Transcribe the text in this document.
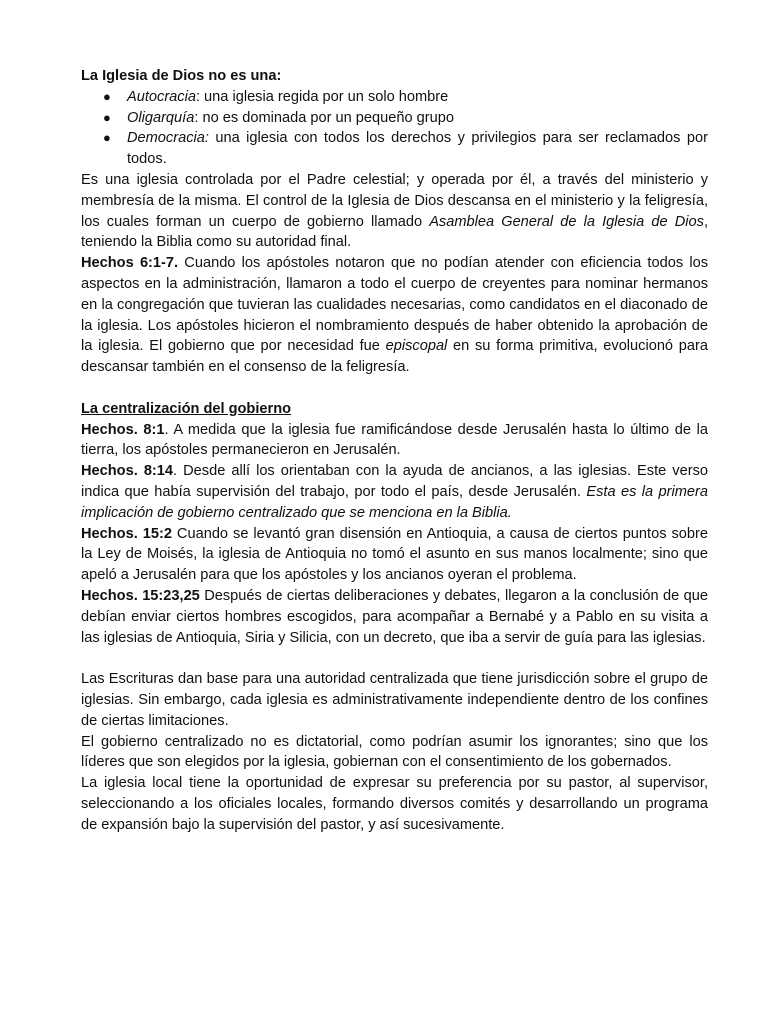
La Iglesia de Dios no es una:

● Autocracia: una iglesia regida por un solo hombre
● Oligarquía: no es dominada por un pequeño grupo
● Democracia: una iglesia con todos los derechos y privilegios para ser reclamados por todos.

Es una iglesia controlada por el Padre celestial; y operada por él, a través del ministerio y membresía de la misma. El control de la Iglesia de Dios descansa en el ministerio y la feligresía, los cuales forman un cuerpo de gobierno llamado Asamblea General de la Iglesia de Dios, teniendo la Biblia como su autoridad final.

Hechos 6:1-7. Cuando los apóstoles notaron que no podían atender con eficiencia todos los aspectos en la administración, llamaron a todo el cuerpo de creyentes para nominar hermanos en la congregación que tuvieran las cualidades necesarias, como candidatos en el diaconado de la iglesia. Los apóstoles hicieron el nombramiento después de haber obtenido la aprobación de la iglesia. El gobierno que por necesidad fue episcopal en su forma primitiva, evolucionó para descansar también en el consenso de la feligresía.

La centralización del gobierno

Hechos. 8:1. A medida que la iglesia fue ramificándose desde Jerusalén hasta lo último de la tierra, los apóstoles permanecieron en Jerusalén.

Hechos. 8:14. Desde allí los orientaban con la ayuda de ancianos, a las iglesias. Este verso indica que había supervisión del trabajo, por todo el país, desde Jerusalén. Esta es la primera implicación de gobierno centralizado que se menciona en la Biblia.

Hechos. 15:2 Cuando se levantó gran disensión en Antioquia, a causa de ciertos puntos sobre la Ley de Moisés, la iglesia de Antioquia no tomó el asunto en sus manos localmente; sino que apeló a Jerusalén para que los apóstoles y los ancianos oyeran el problema.

Hechos. 15:23,25 Después de ciertas deliberaciones y debates, llegaron a la conclusión de que debían enviar ciertos hombres escogidos, para acompañar a Bernabé y a Pablo en su visita a las iglesias de Antioquia, Siria y Silicia, con un decreto, que iba a servir de guía para las iglesias.

Las Escrituras dan base para una autoridad centralizada que tiene jurisdicción sobre el grupo de iglesias. Sin embargo, cada iglesia es administrativamente independiente dentro de los confines de ciertas limitaciones.

El gobierno centralizado no es dictatorial, como podrían asumir los ignorantes; sino que los líderes que son elegidos por la iglesia, gobiernan con el consentimiento de los gobernados.

La iglesia local tiene la oportunidad de expresar su preferencia por su pastor, al supervisor, seleccionando a los oficiales locales, formando diversos comités y desarrollando un programa de expansión bajo la supervisión del pastor, y así sucesivamente.
